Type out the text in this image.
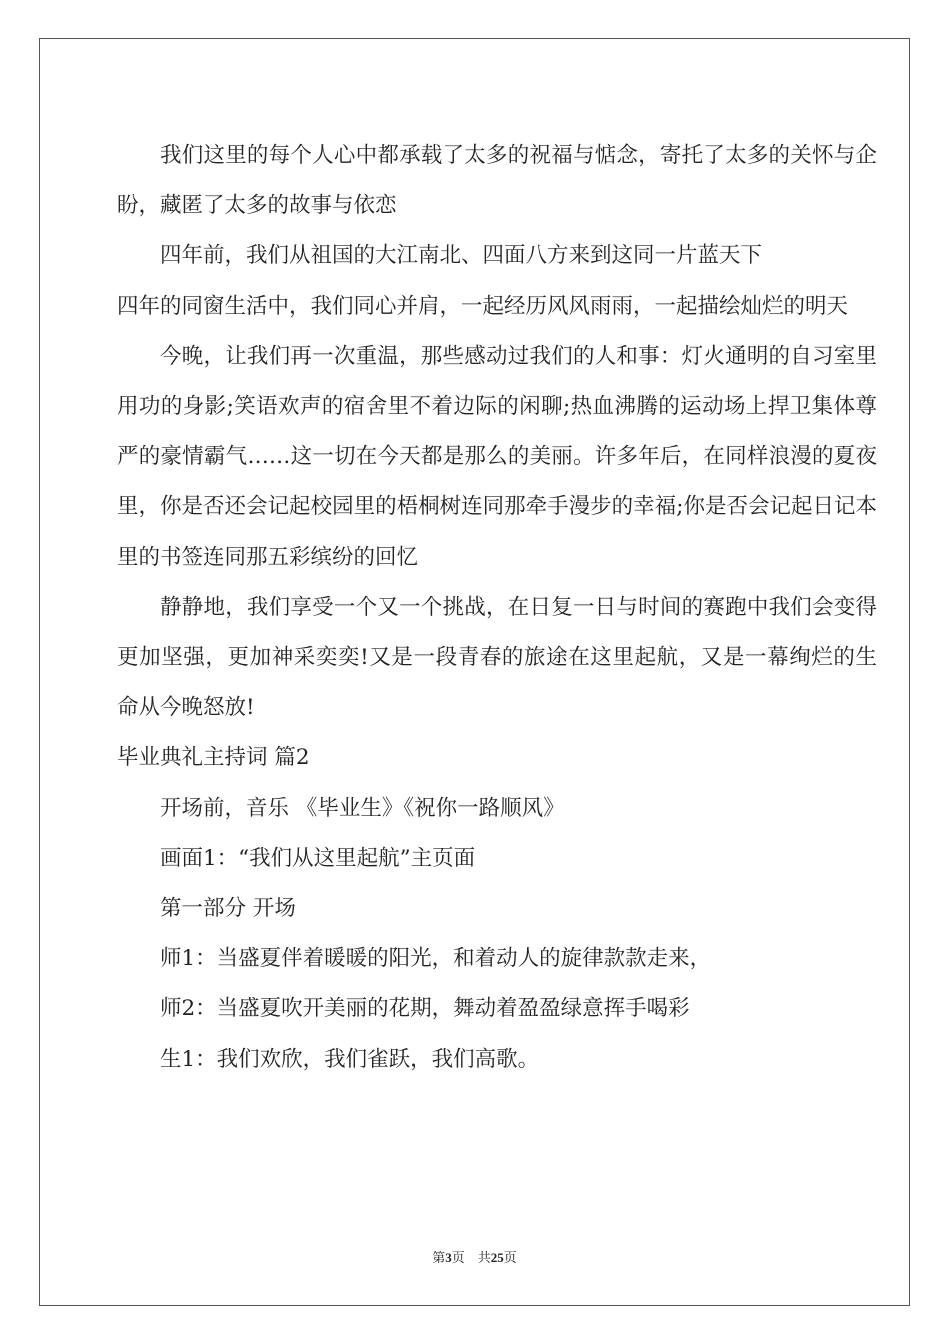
我们这里的每个人心中都承载了太多的祝福与惦念，寄托了太多的关怀与企盼，藏匿了太多的故事与依恋

四年前，我们从祖国的大江南北、四面八方来到这同一片蓝天下

四年的同窗生活中，我们同心并肩，一起经历风风雨雨，一起描绘灿烂的明天

今晚，让我们再一次重温，那些感动过我们的人和事：灯火通明的自习室里用功的身影;笑语欢声的宿舍里不着边际的闲聊;热血沸腾的运动场上捍卫集体尊严的豪情霸气……这一切在今天都是那么的美丽。许多年后，在同样浪漫的夏夜里，你是否还会记起校园里的梧桐树连同那牵手漫步的幸福;你是否会记起日记本里的书签连同那五彩缤纷的回忆

静静地，我们享受一个又一个挑战，在日复一日与时间的赛跑中我们会变得更加坚强，更加神采奕奕!又是一段青春的旅途在这里起航，又是一幕绚烂的生命从今晚怒放!

毕业典礼主持词 篇2

开场前，音乐 《毕业生》《祝你一路顺风》

画面1：“我们从这里起航”主页面

第一部分 开场

师1：当盛夏伴着暖暖的阳光，和着动人的旋律款款走来，

师2：当盛夏吹开美丽的花期，舞动着盈盈绿意挥手喝彩

生1：我们欢欣，我们雀跃，我们高歌。

第3页　共25页
